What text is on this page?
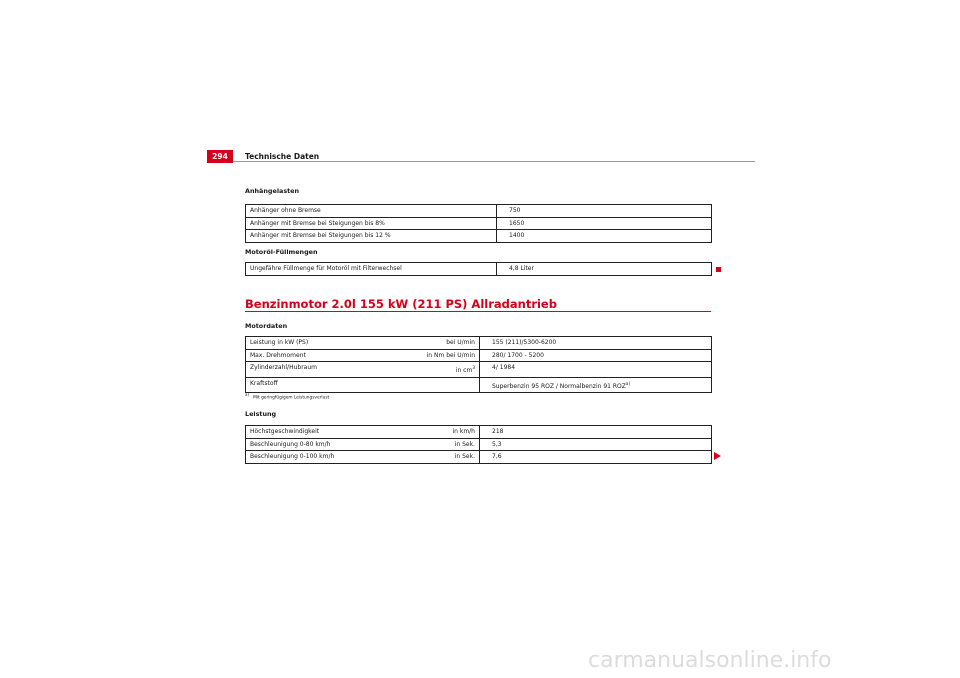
294	Technische Daten
Anhängelasten
Anhänger ohne Bremse	750
Anhänger mit Bremse bei Steigungen bis 8%	1650
Anhänger mit Bremse bei Steigungen bis 12 %	1400
Motoröl-Füllmengen
Ungefähre Füllmenge für Motoröl mit Filterwechsel	4,8 Liter
Benzinmotor 2.0l 155 kW (211 PS) Allradantrieb
Motordaten
Leistung in kW (PS) bei U/min	155 (211)/5300-6200

Max. Drehmoment in Nm bei U/min	280/ 1700 - 5200

Zylinderzahl/Hubraum in $cm^3$	4/ 1984

Kraftstoff	Superbenzin 95 ROZ / Normalbenzin 91 ROZ$^{a)}$
$^{a)}$   Mit geringfügigem Leistungsverlust
Leistung
Höchstgeschwindigkeit in km/h	218

Beschleunigung 0-80 km/h in Sek.	5,3

Beschleunigung 0-100 km/h in Sek.	7,6
carmanualsonline.info
